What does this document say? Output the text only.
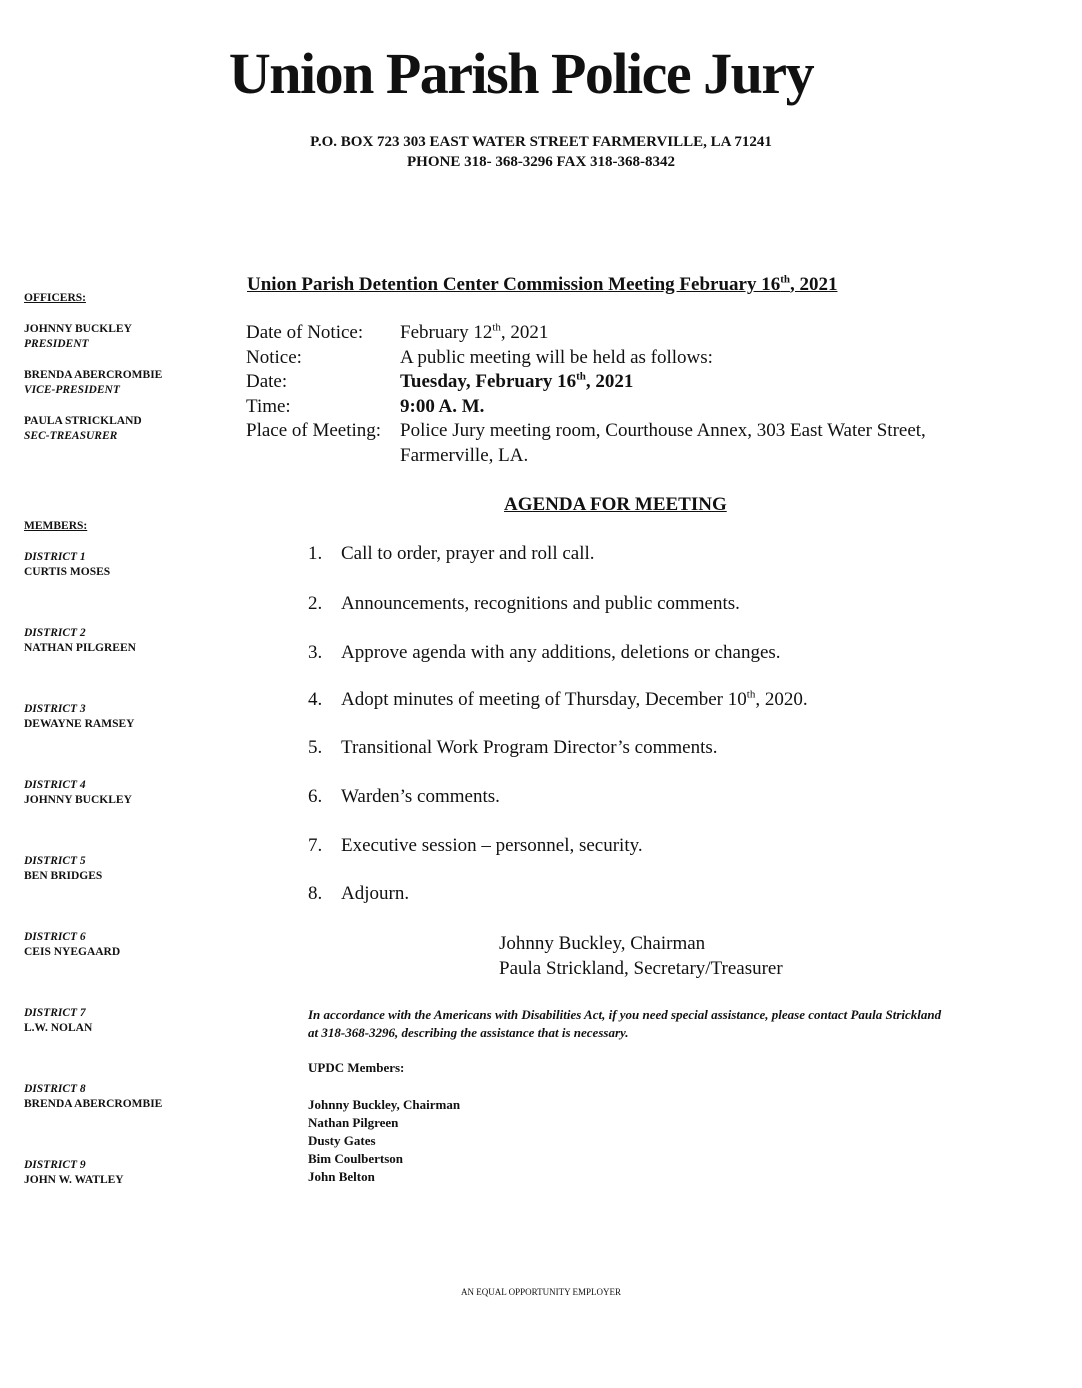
Union Parish Police Jury
P.O. BOX 723 303 EAST WATER STREET FARMERVILLE, LA 71241
PHONE 318- 368-3296 FAX 318-368-8342
OFFICERS:
JOHNNY BUCKLEY
PRESIDENT
BRENDA ABERCROMBIE
VICE-PRESIDENT
PAULA STRICKLAND
SEC-TREASURER
MEMBERS:
DISTRICT 1
CURTIS MOSES
DISTRICT 2
NATHAN PILGREEN
DISTRICT 3
DEWAYNE RAMSEY
DISTRICT 4
JOHNNY BUCKLEY
DISTRICT 5
BEN BRIDGES
DISTRICT 6
CEIS NYEGAARD
DISTRICT 7
L.W. NOLAN
DISTRICT 8
BRENDA ABERCROMBIE
DISTRICT 9
JOHN W. WATLEY
Union Parish Detention Center Commission Meeting February 16th, 2021
Date of Notice:	February 12th, 2021
Notice:	A public meeting will be held as follows:
Date:	Tuesday, February 16th, 2021
Time:	9:00 A. M.
Place of Meeting: Police Jury meeting room, Courthouse Annex, 303 East Water Street, Farmerville, LA.
AGENDA FOR MEETING
1. Call to order, prayer and roll call.
2. Announcements, recognitions and public comments.
3. Approve agenda with any additions, deletions or changes.
4. Adopt minutes of meeting of Thursday, December 10th, 2020.
5. Transitional Work Program Director’s comments.
6. Warden’s comments.
7. Executive session – personnel, security.
8. Adjourn.
Johnny Buckley, Chairman
Paula Strickland, Secretary/Treasurer
In accordance with the Americans with Disabilities Act, if you need special assistance, please contact Paula Strickland at 318-368-3296, describing the assistance that is necessary.
UPDC Members:
Johnny Buckley, Chairman
Nathan Pilgreen
Dusty Gates
Bim Coulbertson
John Belton
AN EQUAL OPPORTUNITY EMPLOYER
